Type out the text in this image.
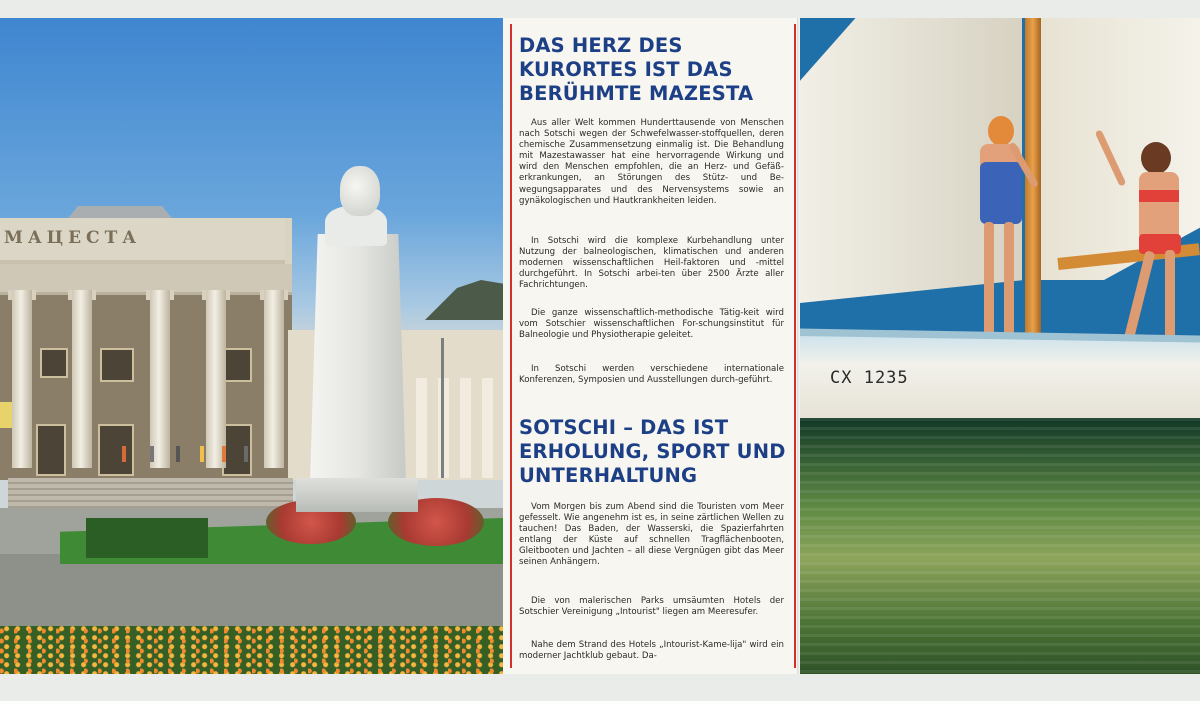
МАЦЕСТА
DAS HERZ DES KURORTES IST DAS BERÜHMTE MAZESTA

Aus aller Welt kommen Hunderttausende von Menschen nach Sotschi wegen der Schwefelwasser-stoffquellen, deren chemische Zusammensetzung einmalig ist. Die Behandlung mit Mazestawasser hat eine hervorragende Wirkung und wird den Menschen empfohlen, die an Herz- und Gefäß-erkrankungen, an Störungen des Stütz- und Be-wegungsapparates und des Nervensystems sowie an gynäkologischen und Hautkrankheiten leiden.

In Sotschi wird die komplexe Kurbehandlung unter Nutzung der balneologischen, klimatischen und anderen modernen wissenschaftlichen Heil-faktoren und -mittel durchgeführt. In Sotschi arbei-ten über 2500 Ärzte aller Fachrichtungen.

Die ganze wissenschaftlich-methodische Tätig-keit wird vom Sotschier wissenschaftlichen For-schungsinstitut für Balneologie und Physiotherapie geleitet.

In Sotschi werden verschiedene internationale Konferenzen, Symposien und Ausstellungen durch-geführt.

SOTSCHI – DAS IST ERHOLUNG, SPORT UND UNTERHALTUNG

Vom Morgen bis zum Abend sind die Touristen vom Meer gefesselt. Wie angenehm ist es, in seine zärtlichen Wellen zu tauchen! Das Baden, der Wasserski, die Spazierfahrten entlang der Küste auf schnellen Tragflächenbooten, Gleitbooten und Jachten – all diese Vergnügen gibt das Meer seinen Anhängern.

Die von malerischen Parks umsäumten Hotels der Sotschier Vereinigung „Intourist" liegen am Meeresufer.

Nahe dem Strand des Hotels „Intourist-Kame-lija" wird ein moderner Jachtklub gebaut. Da-

CX 1235
